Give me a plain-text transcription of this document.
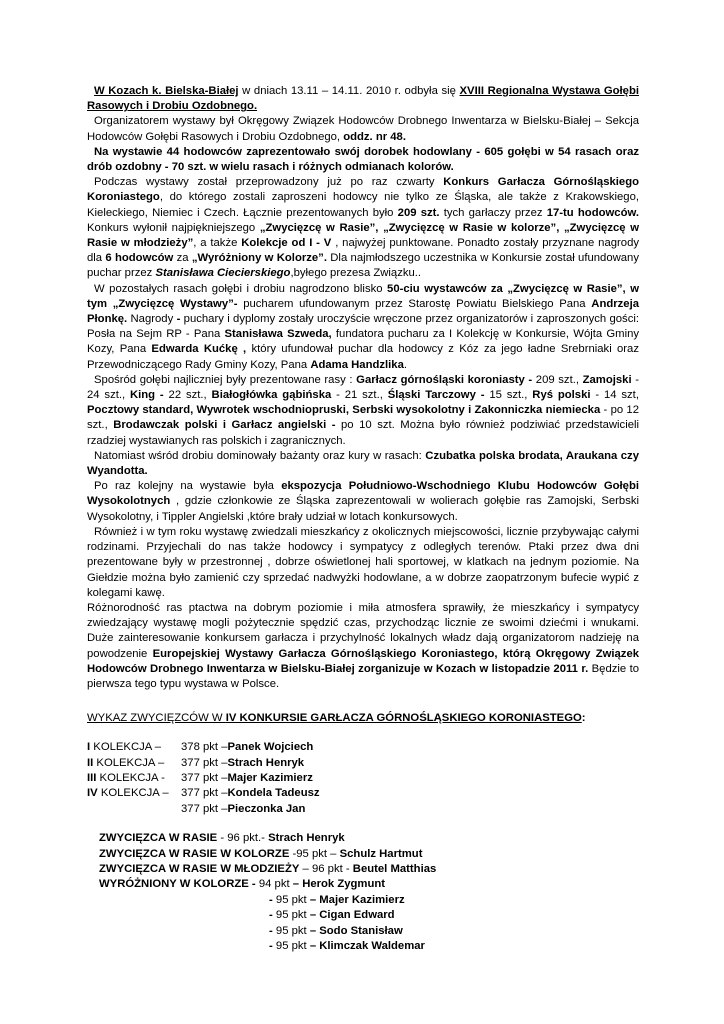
W Kozach k. Bielska-Białej w dniach 13.11 – 14.11. 2010 r. odbyła się XVIII Regionalna Wystawa Gołębi Rasowych i Drobiu Ozdobnego.

Organizatorem wystawy był Okręgowy Związek Hodowców Drobnego Inwentarza w Bielsku-Białej – Sekcja Hodowców Gołębi Rasowych i Drobiu Ozdobnego, oddz. nr 48.

Na wystawie 44 hodowców zaprezentowało swój dorobek hodowlany - 605 gołębi w 54 rasach oraz drób ozdobny - 70 szt. w wielu rasach i różnych odmianach kolorów.

Podczas wystawy został przeprowadzony już po raz czwarty Konkurs Garłacza Górnośląskiego Koroniastego, do którego zostali zaproszeni hodowcy nie tylko ze Śląska, ale także z Krakowskiego, Kieleckiego, Niemiec i Czech. Łącznie prezentowanych było 209 szt. tych garłaczy przez 17-tu hodowców. Konkurs wyłonił najpiękniejszego „Zwycięzcę w Rasie”, „Zwycięzcę w Rasie w kolorze”, „Zwycięzcę w Rasie w młodzieży”, a także Kolekcje od I - V , najwyżej punktowane. Ponadto zostały przyznane nagrody dla 6 hodowców za „Wyróżniony w Kolorze”. Dla najmłodszego uczestnika w Konkursie został ufundowany puchar przez Stanisława Ciecierskiego,byłego prezesa Związku..

W pozostałych rasach gołębi i drobiu nagrodzono blisko 50-ciu wystawców za „Zwycięzcę w Rasie”, w tym „Zwycięzcę Wystawy”- pucharem ufundowanym przez Starostę Powiatu Bielskiego Pana Andrzeja Płonkę. Nagrody - puchary i dyplomy zostały uroczyście wręczone przez organizatorów i zaproszonych gości: Posła na Sejm RP - Pana Stanisława Szweda, fundatora pucharu za I Kolekcję w Konkursie, Wójta Gminy Kozy, Pana Edwarda Kućkę , który ufundował puchar dla hodowcy z Kóz za jego ładne Srebrniaki oraz Przewodniczącego Rady Gminy Kozy, Pana Adama Handzlika.

Spośród gołębi najliczniej były prezentowane rasy : Garłacz górnośląski koroniasty - 209 szt., Zamojski - 24 szt., King - 22 szt., Białogłówka gąbińska - 21 szt., Śląski Tarczowy - 15 szt., Ryś polski - 14 szt, Pocztowy standard, Wywrotek wschodniopruski, Serbski wysokolotny i Zakonniczka niemiecka - po 12 szt., Brodawczak polski i Garłacz angielski - po 10 szt. Można było również podziwiać przedstawicieli rzadziej wystawianych ras polskich i zagranicznych.

Natomiast wśród drobiu dominowały bażanty oraz kury w rasach: Czubatka polska brodata, Araukana czy Wyandotta.

Po raz kolejny na wystawie była ekspozycja Południowo-Wschodniego Klubu Hodowców Gołębi Wysokolotnych , gdzie członkowie ze Śląska zaprezentowali w wolierach gołębie ras Zamojski, Serbski Wysokolotny, i Tippler Angielski ,które brały udział w lotach konkursowych.

Również i w tym roku wystawę zwiedzali mieszkańcy z okolicznych miejscowości, licznie przybywając całymi rodzinami. Przyjechali do nas także hodowcy i sympatycy z odległych terenów. Ptaki przez dwa dni prezentowane były w przestronnej , dobrze oświetlonej hali sportowej, w klatkach na jednym poziomie. Na Giełdzie można było zamienić czy sprzedać nadwyżki hodowlane, a w dobrze zaopatrzonym bufecie wypić z kolegami kawę.

Różnorodność ras ptactwa na dobrym poziomie i miła atmosfera sprawiły, że mieszkańcy i sympatycy zwiedzający wystawę mogli pożytecznie spędzić czas, przychodząc licznie ze swoimi dziećmi i wnukami. Duże zainteresowanie konkursem garłacza i przychylność lokalnych władz dają organizatorom nadzieję na powodzenie Europejskiej Wystawy Garłacza Górnośląskiego Koroniastego, którą Okręgowy Związek Hodowców Drobnego Inwentarza w Bielsku-Białej zorganizuje w Kozach w listopadzie 2011 r. Będzie to pierwsza tego typu wystawa w Polsce.

WYKAZ ZWYCIĘZCÓW W IV KONKURSIE GARŁACZA GÓRNOŚLĄSKIEGO KORONIASTEGO:
I KOLEKCJA –	378 pkt – Panek Wojciech
II KOLEKCJA –	377 pkt – Strach Henryk
III KOLEKCJA -	377 pkt – Majer Kazimierz
IV KOLEKCJA –	377 pkt – Kondela Tadeusz
377 pkt – Pieczonka Jan
ZWYCIĘZCA W RASIE - 96 pkt.- Strach Henryk
ZWYCIĘZCA W RASIE W KOLORZE -95 pkt – Schulz Hartmut
ZWYCIĘZCA W RASIE W MŁODZIEŻY – 96 pkt - Beutel Matthias
WYRÓŻNIONY W KOLORZE - 94 pkt – Herok Zygmunt
- 95 pkt – Majer Kazimierz
- 95 pkt – Cigan Edward
- 95 pkt – Sodo Stanisław
- 95 pkt – Klimczak Waldemar
